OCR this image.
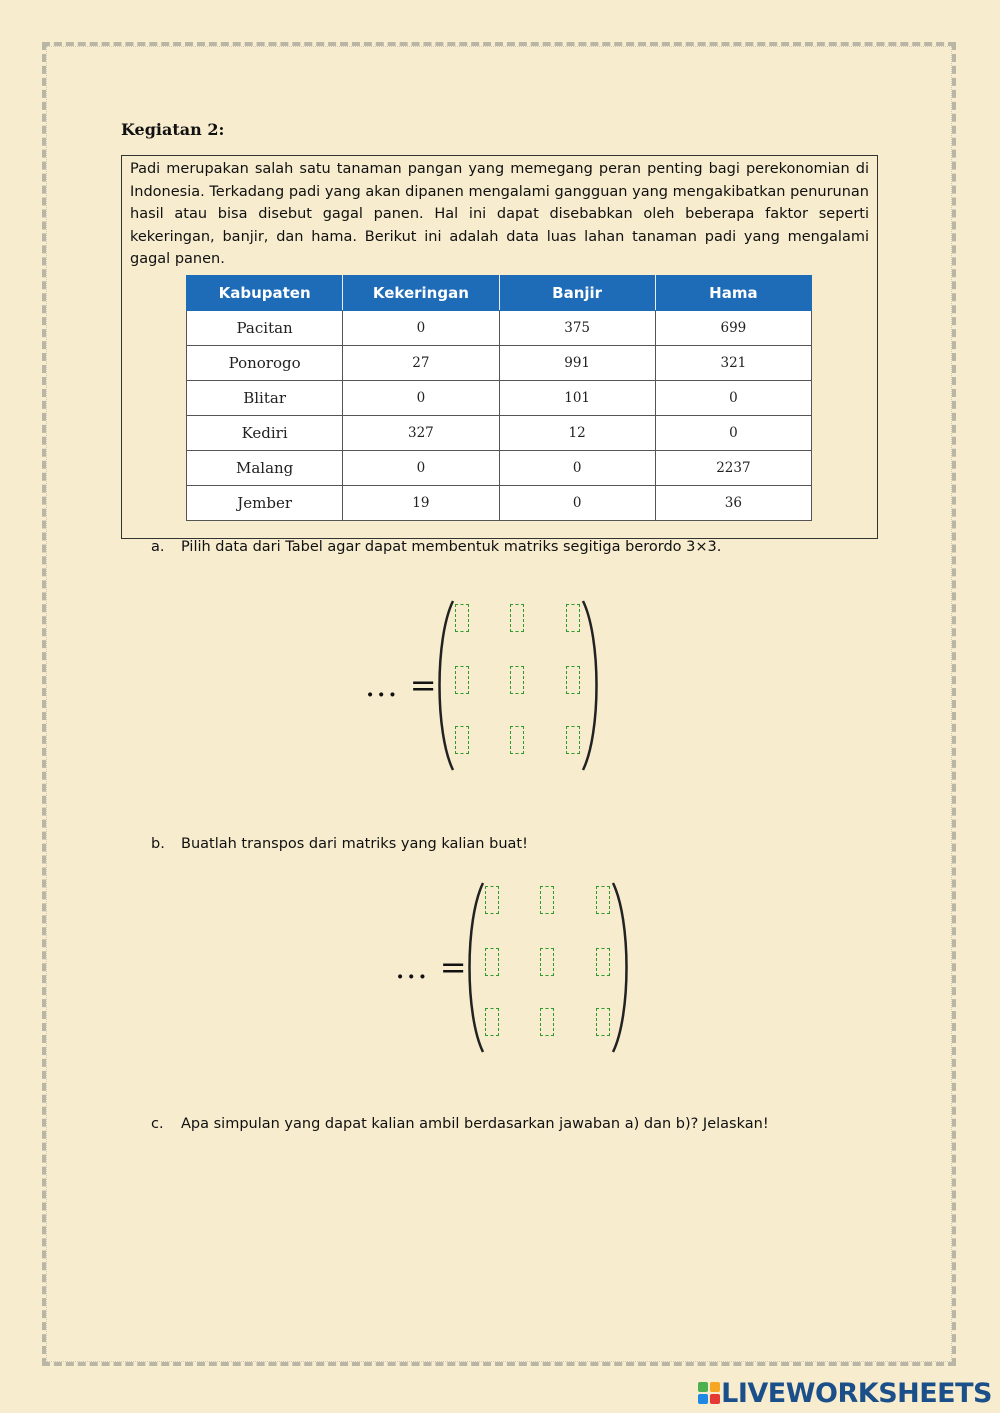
Kegiatan 2:
Padi merupakan salah satu tanaman pangan yang memegang peran penting bagi perekonomian di Indonesia. Terkadang padi yang akan dipanen mengalami gangguan yang mengakibatkan penurunan hasil atau bisa disebut gagal panen. Hal ini dapat disebabkan oleh beberapa faktor seperti kekeringan, banjir, dan hama. Berikut ini adalah data luas lahan tanaman padi yang mengalami gagal panen.
Kabupaten	Kekeringan	Banjir	Hama
Pacitan	0	375	699
Ponorogo	27	991	321
Blitar	0	101	0
Kediri	327	12	0
Malang	0	0	2237
Jember	19	0	36
a. Pilih data dari Tabel agar dapat membentuk matriks segitiga berordo 3×3.
... =
b. Buatlah transpos dari matriks yang kalian buat!
... =
c. Apa simpulan yang dapat kalian ambil berdasarkan jawaban a) dan b)? Jelaskan!
LIVEWORKSHEETS
